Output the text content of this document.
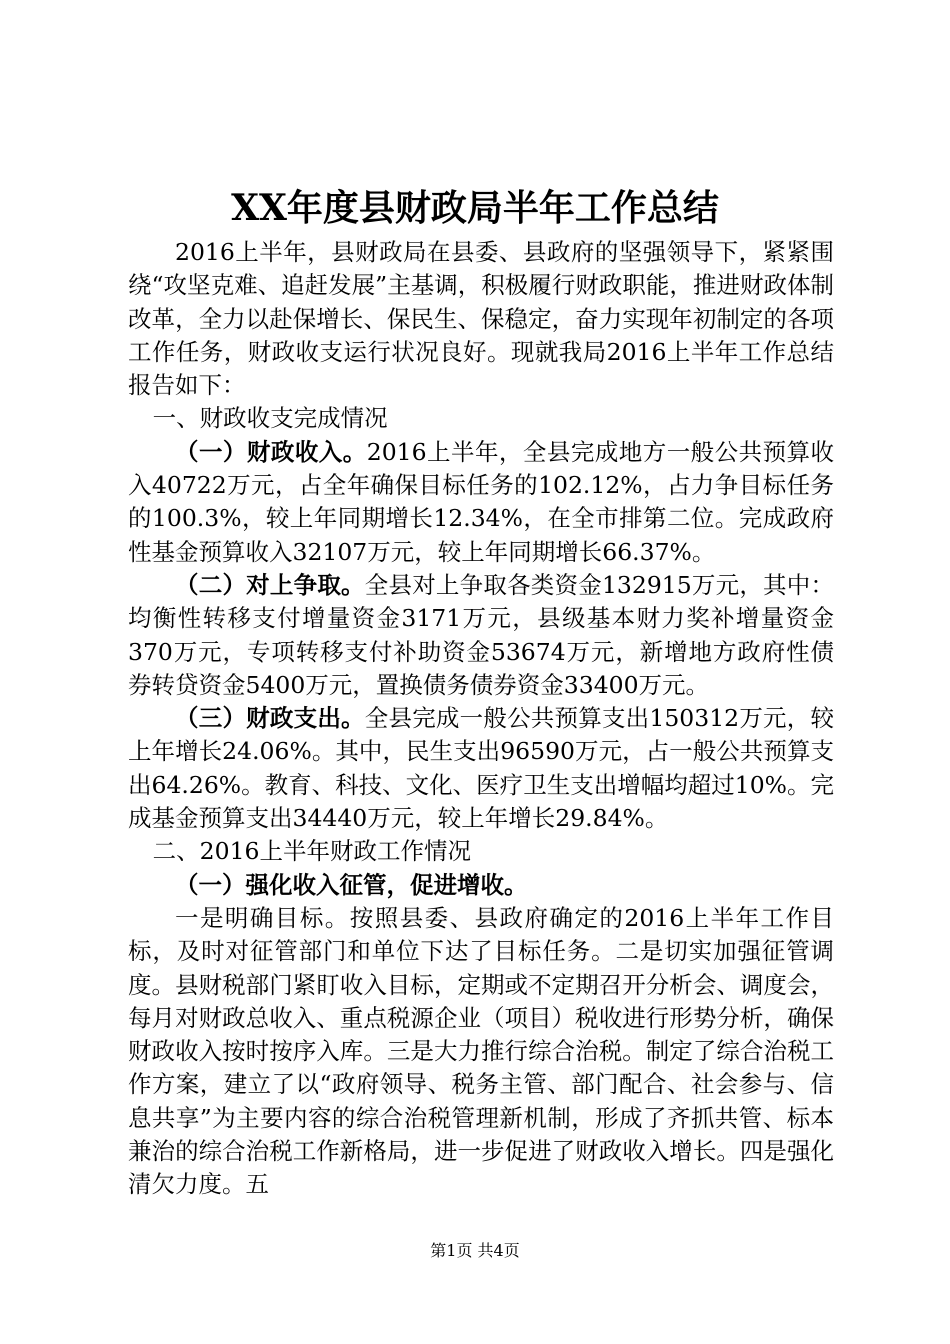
XX年度县财政局半年工作总结

2016上半年，县财政局在县委、县政府的坚强领导下，紧紧围绕“攻坚克难、追赶发展”主基调，积极履行财政职能，推进财政体制改革，全力以赴保增长、保民生、保稳定，奋力实现年初制定的各项工作任务，财政收支运行状况良好。现就我局2016上半年工作总结报告如下：

一、财政收支完成情况

（一）财政收入。2016上半年，全县完成地方一般公共预算收入40722万元，占全年确保目标任务的102.12%，占力争目标任务的100.3%，较上年同期增长12.34%，在全市排第二位。完成政府性基金预算收入32107万元，较上年同期增长66.37%。

（二）对上争取。全县对上争取各类资金132915万元，其中：均衡性转移支付增量资金3171万元，县级基本财力奖补增量资金370万元，专项转移支付补助资金53674万元，新增地方政府性债券转贷资金5400万元，置换债务债券资金33400万元。

（三）财政支出。全县完成一般公共预算支出150312万元，较上年增长24.06%。其中，民生支出96590万元，占一般公共预算支出64.26%。教育、科技、文化、医疗卫生支出增幅均超过10%。完成基金预算支出34440万元，较上年增长29.84%。

二、2016上半年财政工作情况

（一）强化收入征管，促进增收。

一是明确目标。按照县委、县政府确定的2016上半年工作目标，及时对征管部门和单位下达了目标任务。二是切实加强征管调度。县财税部门紧盯收入目标，定期或不定期召开分析会、调度会，每月对财政总收入、重点税源企业（项目）税收进行形势分析，确保财政收入按时按序入库。三是大力推行综合治税。制定了综合治税工作方案，建立了以“政府领导、税务主管、部门配合、社会参与、信息共享”为主要内容的综合治税管理新机制，形成了齐抓共管、标本兼治的综合治税工作新格局，进一步促进了财政收入增长。四是强化清欠力度。五

第1页 共4页
